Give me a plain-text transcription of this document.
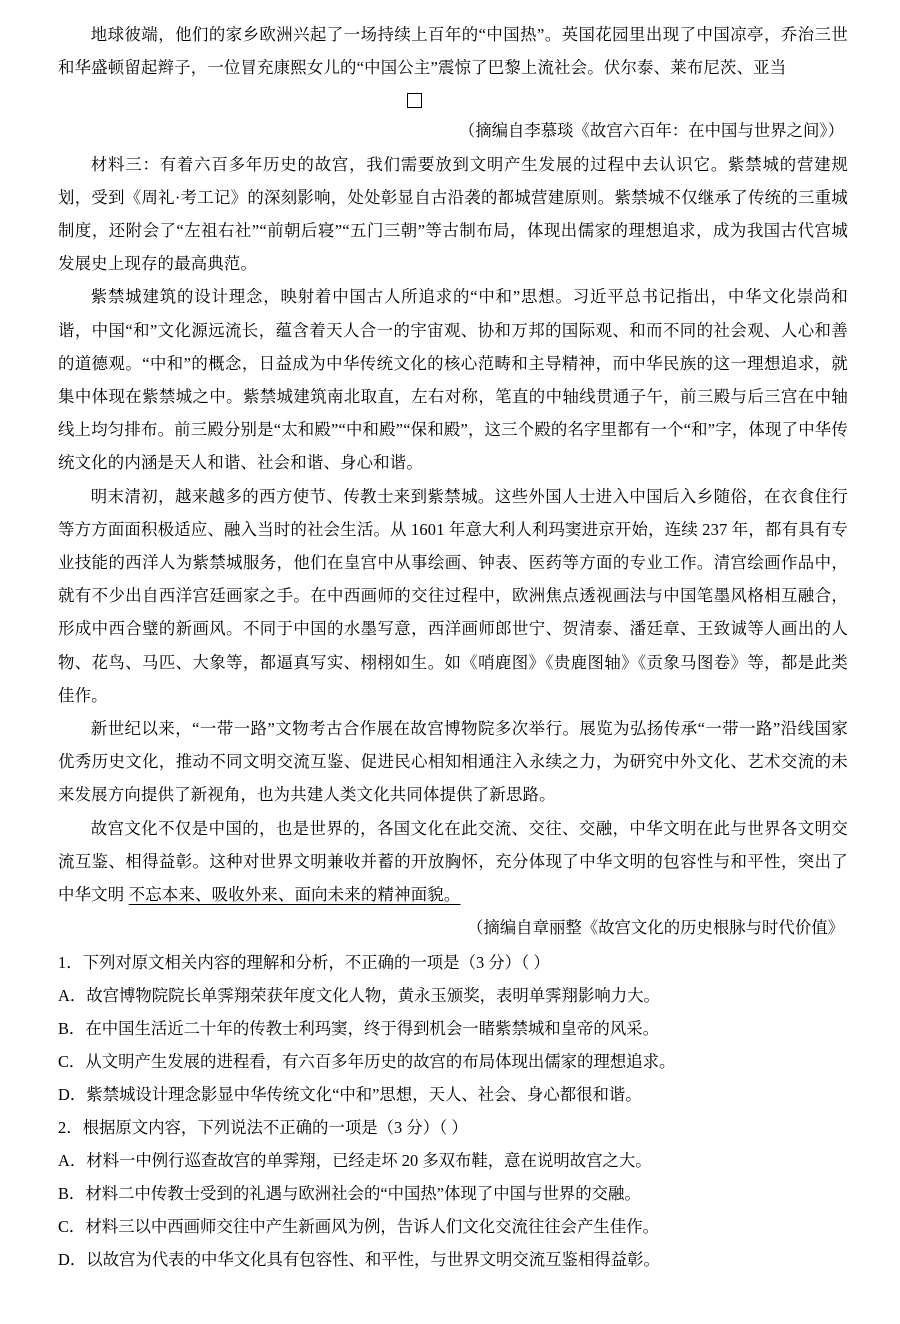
地球彼端，他们的家乡欧洲兴起了一场持续上百年的“中国热”。英国花园里出现了中国凉亭，乔治三世和华盛顿留起辫子，一位冒充康熙女儿的“中国公主”震惊了巴黎上流社会。伏尔泰、莱布尼茨、亚当

（摘编自李慕琰《故宫六百年：在中国与世界之间》）

材料三：有着六百多年历史的故宫，我们需要放到文明产生发展的过程中去认识它。紫禁城的营建规划，受到《周礼·考工记》的深刻影响，处处彰显自古沿袭的都城营建原则。紫禁城不仅继承了传统的三重城制度，还附会了“左祖右社”“前朝后寝”“五门三朝”等古制布局，体现出儒家的理想追求，成为我国古代宫城发展史上现存的最高典范。

紫禁城建筑的设计理念，映射着中国古人所追求的“中和”思想。习近平总书记指出，中华文化崇尚和谐，中国“和”文化源远流长，蕴含着天人合一的宇宙观、协和万邦的国际观、和而不同的社会观、人心和善的道德观。“中和”的概念，日益成为中华传统文化的核心范畴和主导精神，而中华民族的这一理想追求，就集中体现在紫禁城之中。紫禁城建筑南北取直，左右对称，笔直的中轴线贯通子午，前三殿与后三宫在中轴线上均匀排布。前三殿分别是“太和殿”“中和殿”“保和殿”，这三个殿的名字里都有一个“和”字，体现了中华传统文化的内涵是天人和谐、社会和谐、身心和谐。

明末清初，越来越多的西方使节、传教士来到紫禁城。这些外国人士进入中国后入乡随俗，在衣食住行等方方面面积极适应、融入当时的社会生活。从 1601 年意大利人利玛窦进京开始，连续 237 年，都有具有专业技能的西洋人为紫禁城服务，他们在皇宫中从事绘画、钟表、医药等方面的专业工作。清宫绘画作品中，就有不少出自西洋宫廷画家之手。在中西画师的交往过程中，欧洲焦点透视画法与中国笔墨风格相互融合，形成中西合璧的新画风。不同于中国的水墨写意，西洋画师郎世宁、贺清泰、潘廷章、王致诚等人画出的人物、花鸟、马匹、大象等，都逼真写实、栩栩如生。如《哨鹿图》《贵鹿图轴》《贡象马图卷》等，都是此类佳作。

新世纪以来，“一带一路”文物考古合作展在故宫博物院多次举行。展览为弘扬传承“一带一路”沿线国家优秀历史文化，推动不同文明交流互鉴、促进民心相知相通注入永续之力，为研究中外文化、艺术交流的未来发展方向提供了新视角，也为共建人类文化共同体提供了新思路。

故宫文化不仅是中国的，也是世界的，各国文化在此交流、交往、交融，中华文明在此与世界各文明交流互鉴、相得益彰。这种对世界文明兼收并蓄的开放胸怀，充分体现了中华文明的包容性与和平性，突出了中华文明 不忘本来、吸收外来、面向未来的精神面貌。

（摘编自章丽整《故宫文化的历史根脉与时代价值》

1．下列对原文相关内容的理解和分析，不正确的一项是（3 分）（ ）

A．故宫博物院院长单霁翔荣获年度文化人物，黄永玉颁奖，表明单霁翔影响力大。

B．在中国生活近二十年的传教士利玛窦，终于得到机会一睹紫禁城和皇帝的风采。

C．从文明产生发展的进程看，有六百多年历史的故宫的布局体现出儒家的理想追求。

D．紫禁城设计理念影显中华传统文化“中和”思想，天人、社会、身心都很和谐。

2．根据原文内容，下列说法不正确的一项是（3 分）（ ）

A．材料一中例行巡查故宫的单霁翔，已经走坏 20 多双布鞋，意在说明故宫之大。

B．材料二中传教士受到的礼遇与欧洲社会的“中国热”体现了中国与世界的交融。

C．材料三以中西画师交往中产生新画风为例，告诉人们文化交流往往会产生佳作。

D．以故宫为代表的中华文化具有包容性、和平性，与世界文明交流互鉴相得益彰。
